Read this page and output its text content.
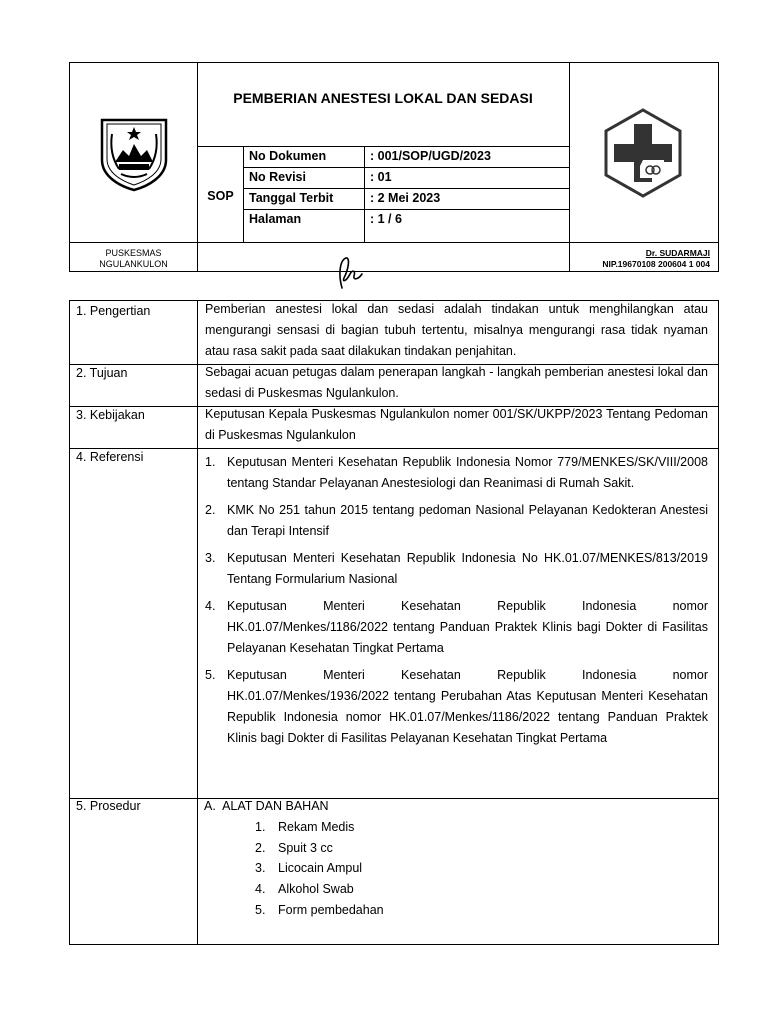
PEMBERIAN ANESTESI LOKAL DAN SEDASI
SOP
No Dokumen	: 001/SOP/UGD/2023
No Revisi	: 01
Tanggal Terbit	: 2 Mei 2023
Halaman	: 1 / 6
PUSKESMAS
NGULANKULON
Dr. SUDARMAJI
NIP.19670108 200604 1 004
1. Pengertian	Pemberian anestesi lokal dan sedasi adalah tindakan untuk menghilangkan atau mengurangi sensasi di bagian tubuh tertentu, misalnya mengurangi rasa tidak nyaman atau rasa sakit pada saat dilakukan tindakan penjahitan.
2. Tujuan	Sebagai acuan petugas dalam penerapan langkah - langkah pemberian anestesi lokal dan sedasi di Puskesmas Ngulankulon.
3. Kebijakan	Keputusan Kepala Puskesmas Ngulankulon nomer 001/SK/UKPP/2023 Tentang Pedoman di Puskesmas Ngulankulon
4. Referensi	1. Keputusan Menteri Kesehatan Republik Indonesia Nomor 779/MENKES/SK/VIII/2008 tentang Standar Pelayanan Anestesiologi dan Reanimasi di Rumah Sakit.
2. KMK No 251 tahun 2015 tentang pedoman Nasional Pelayanan Kedokteran Anestesi dan Terapi Intensif
3. Keputusan Menteri Kesehatan Republik Indonesia No HK.01.07/MENKES/813/2019 Tentang Formularium Nasional
4. Keputusan Menteri Kesehatan Republik Indonesia nomor HK.01.07/Menkes/1186/2022 tentang Panduan Praktek Klinis bagi Dokter di Fasilitas Pelayanan Kesehatan Tingkat Pertama
5. Keputusan Menteri Kesehatan Republik Indonesia nomor HK.01.07/Menkes/1936/2022 tentang Perubahan Atas Keputusan Menteri Kesehatan Republik Indonesia nomor HK.01.07/Menkes/1186/2022 tentang Panduan Praktek Klinis bagi Dokter di Fasilitas Pelayanan Kesehatan Tingkat Pertama
5. Prosedur	A.  ALAT DAN BAHAN
1. Rekam Medis
2. Spuit 3 cc
3. Licocain Ampul
4. Alkohol Swab
5. Form pembedahan
